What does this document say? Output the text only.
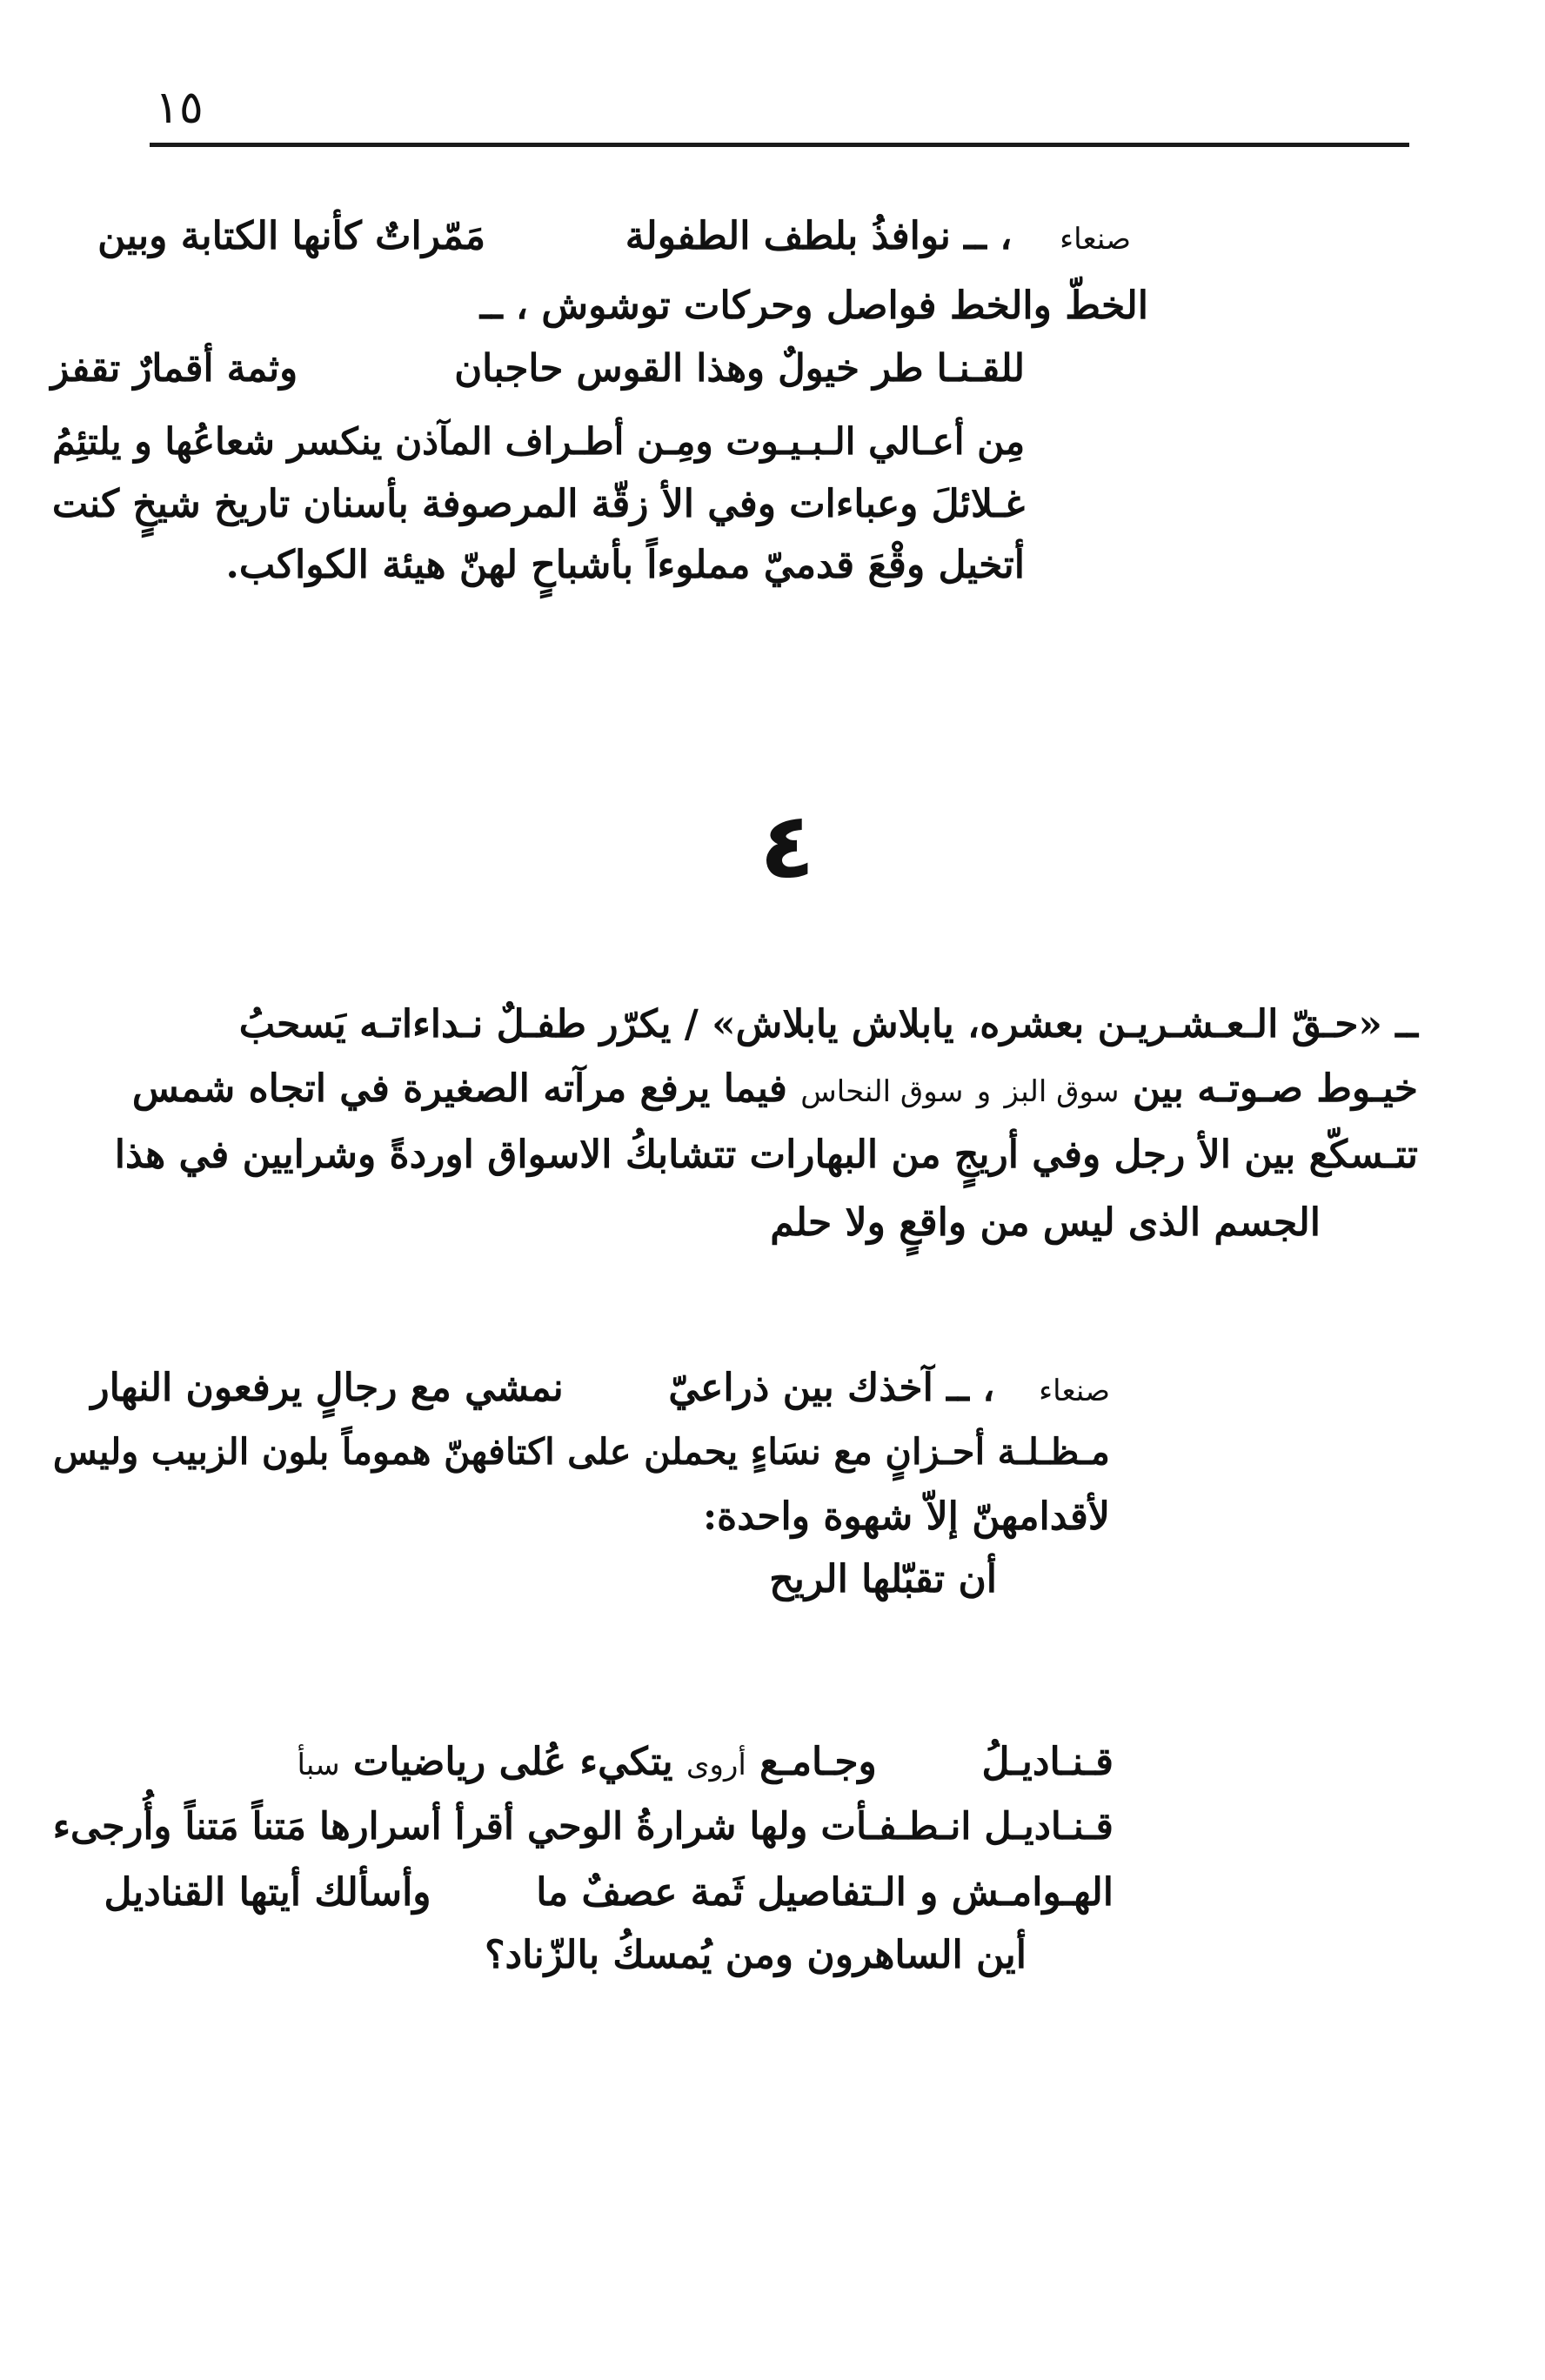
١٥
صنعاء  ، ــ نوافذُ بلطف الطفولة  مَمّراتٌ كأنها الكتابة وبين
الخطّ والخط فواصل وحركات توشوش ، ــ
للقـنـا طر خيولٌ وهذا القوس حاجبان  وثمة أقمارٌ تقفز
مِن أعـالي الـبـيـوت ومِـن أطـراف المآذن ينكسر شعاعُها و يلتئِمُ
غـلائلَ وعباءات وفي الأ زقّة المرصوفة بأسنان تاريخ شيخٍ كنت
أتخيل وقْعَ قدميّ مملوءاً بأشباحٍ لهنّ هيئة الكواكب.
٤
ــ «حـقّ الـعـشـريـن بعشره، يابلاش يابلاش» / يكرّر طفـلٌ نـداءاتـه يَسحبُ
خيـوط صـوتـه بين سوق البز و سوق النحاس فيما يرفع مرآته الصغيرة في اتجاه شمس
تتـسكّع بين الأ رجل وفي أريجٍ من البهارات تتشابكُ الاسواق اوردةً وشرايين في هذا
الجسم الذى ليس من واقعٍ ولا حلم
صنعاء  ، ــ آخذك بين ذراعيّ  نمشي مع رجالٍ يرفعون النهار
مـظـلـة أحـزانٍ مع نسَاءٍ يحملن على اكتافهنّ هموماً بلون الزبيب وليس
لأقدامهنّ إلاّ شهوة واحدة:
أن تقبّلها الريح
قـنـاديـلُ  وجـامـع أروى يتكيء عُلى رياضيات سبأ
قـنـاديـل انـطـفـأت ولها شرارةُ الوحي أقرأ أسرارها مَتناً مَتناً وأُرجىء
الهـوامـش و الـتفاصيل ثَمة عصفٌ ما  وأسألك أيتها القناديل
أين الساهرون ومن يُمسكُ بالزّناد؟
